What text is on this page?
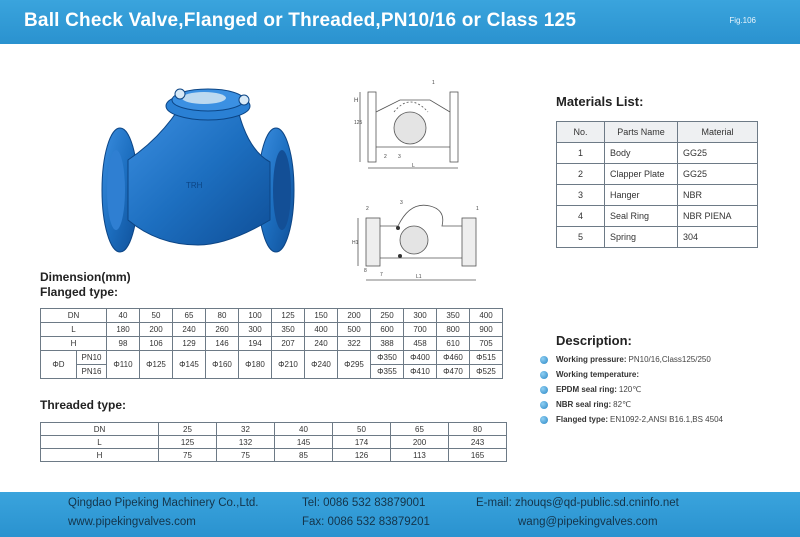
Ball Check Valve,Flanged or Threaded,PN10/16 or Class 125	Fig.106
TRH
H
125
1
2 3
L
2
3
H1
8
7	L1
1
Materials List:
No.	Parts Name	Material
1	Body	GG25
2	Clapper Plate	GG25
3	Hanger	NBR
4	Seal Ring	NBR PIENA
5	Spring	304
Dimension(mm)
Flanged type:
DN		40	50	65	80	100	125	150	200	250	300	350	400
L		180	200	240	260	300	350	400	500	600	700	800	900
H		98	106	129	146	194	207	240	322	388	458	610	705
ΦD	PN10	Φ110	Φ125	Φ145	Φ160	Φ180	Φ210	Φ240	Φ295	Φ350	Φ400	Φ460	Φ515
	PN16									Φ355	Φ410	Φ470	Φ525
Threaded type:
DN	25	32	40	50	65	80
L	125	132	145	174	200	243
H	75	75	85	126	113	165
Description:
Working pressure: PN10/16,Class125/250
Working temperature:
EPDM seal ring: 120℃
NBR seal ring: 82℃
Flanged type: EN1092-2,ANSI B16.1,BS 4504
Qingdao Pipeking Machinery Co.,Ltd.
www.pipekingvalves.com
Tel: 0086 532 83879001
Fax: 0086 532 83879201
E-mail: zhouqs@qd-public.sd.cninfo.net
wang@pipekingvalves.com
